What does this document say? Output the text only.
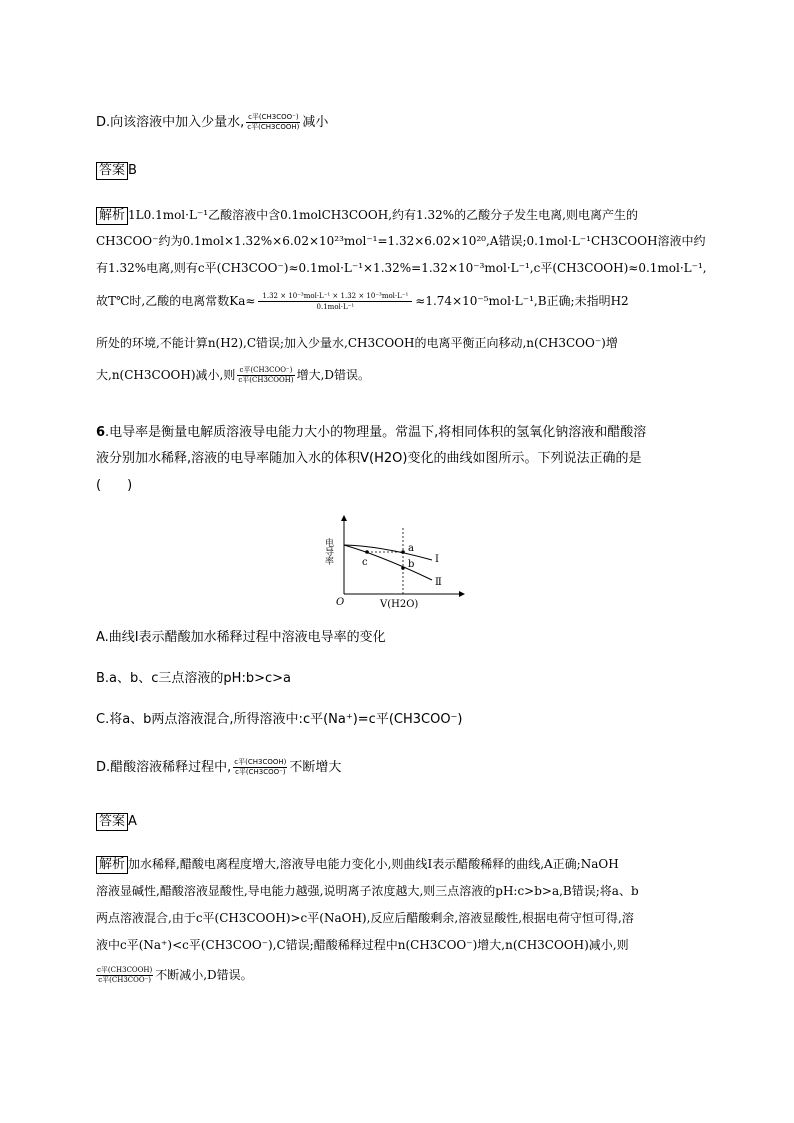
D.向该溶液中加入少量水, $\frac{\text{c平(CH3COO⁻)}}{\text{c平(CH3COOH)}}$ 减小
答案 B
解析 1L0.1mol·L⁻¹乙酸溶液中含0.1molCH3COOH,约有1.32%的乙酸分子发生电离,则电离产生的
CH3COO⁻约为0.1mol×1.32%×6.02×10²³mol⁻¹=1.32×6.02×10²⁰,A错误;0.1mol·L⁻¹CH3COOH溶液中约
有1.32%电离,则有c平(CH3COO⁻)≈0.1mol·L⁻¹×1.32%=1.32×10⁻³mol·L⁻¹,c平(CH3COOH)≈0.1mol·L⁻¹,
故T℃时,乙酸的电离常数$Ka\approx \frac{\text{1.32 × 10⁻³mol·L⁻¹ × 1.32 × 10⁻³mol·L⁻¹}}{\text{0.1mol·L⁻¹}} \approx 1.74\times 10^{-5}mol\cdot L^{-1},B$正确;未指明H2
所处的环境,不能计算n(H2),C错误;加入少量水,CH3COOH的电离平衡正向移动,n(CH3COO⁻)增
大,n(CH3COOH)减小,则 $\frac{\text{c平(CH3COO⁻)}}{\text{c平(CH3COOH)}}$ 增大,D错误。
6.电导率是衡量电解质溶液导电能力大小的物理量。常温下,将相同体积的氢氧化钠溶液和醋酸溶
液分别加水稀释,溶液的电导率随加入水的体积V(H2O)变化的曲线如图所示。下列说法正确的是
(　　)
a
b
c	Ⅰ
Ⅱ
O	V(H2O)
电导率
A.曲线Ⅰ表示醋酸加水稀释过程中溶液电导率的变化
B.a、b、c三点溶液的pH:b>c>a
C.将a、b两点溶液混合,所得溶液中:c平(Na⁺)=c平(CH3COO⁻)
D.醋酸溶液稀释过程中, $\frac{\text{c平(CH3COOH)}}{\text{c平(CH3COO⁻)}}$ 不断增大
答案 A
解析 加水稀释,醋酸电离程度增大,溶液导电能力变化小,则曲线Ⅰ表示醋酸稀释的曲线,A正确;NaOH
溶液显碱性,醋酸溶液显酸性,导电能力越强,说明离子浓度越大,则三点溶液的pH:c>b>a,B错误;将a、b
两点溶液混合,由于c平(CH3COOH)>c平(NaOH),反应后醋酸剩余,溶液显酸性,根据电荷守恒可得,溶
液中c平(Na⁺)<c平(CH3COO⁻),C错误;醋酸稀释过程中n(CH3COO⁻)增大,n(CH3COOH)减小,则
$\frac{\text{c平(CH3COOH)}}{\text{c平(CH3COO⁻)}}$ 不断减小,D错误。
